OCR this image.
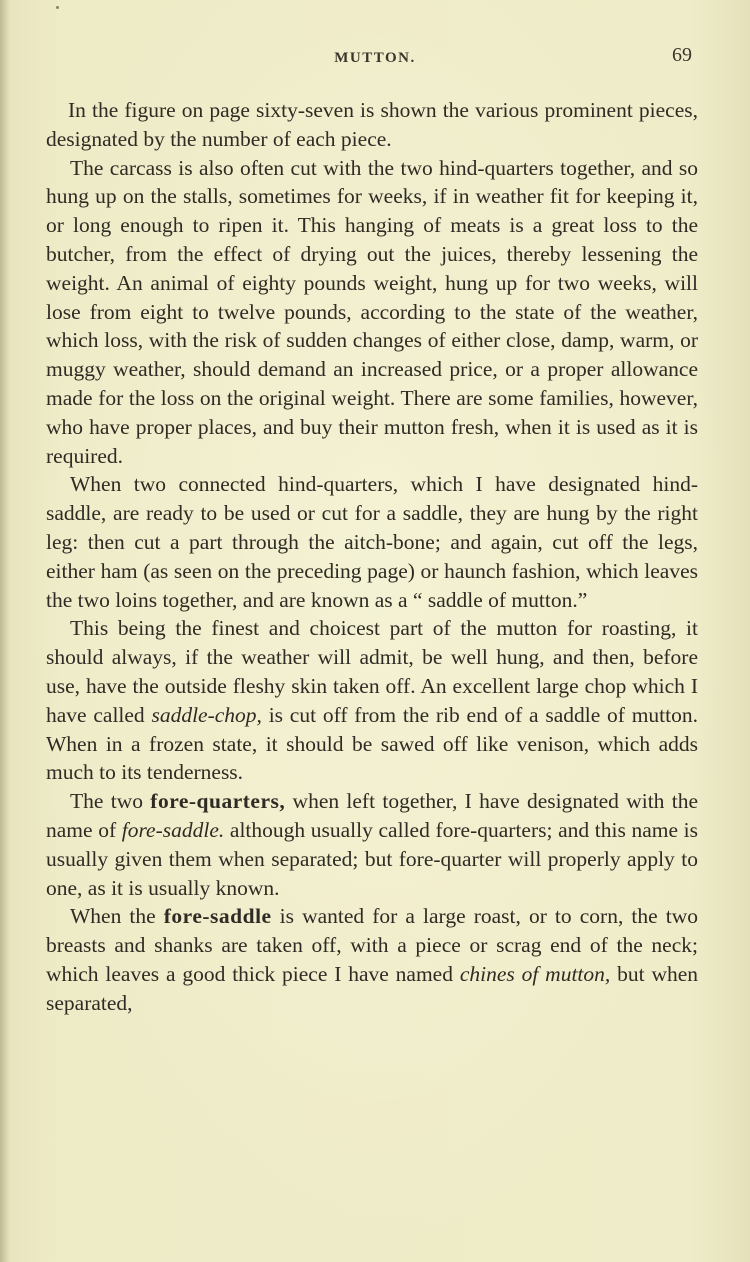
MUTTON.	69

In the figure on page sixty-seven is shown the various prominent pieces, designated by the number of each piece.

The carcass is also often cut with the two hind-quarters together, and so hung up on the stalls, sometimes for weeks, if in weather fit for keeping it, or long enough to ripen it. This hanging of meats is a great loss to the butcher, from the effect of drying out the juices, thereby lessening the weight. An animal of eighty pounds weight, hung up for two weeks, will lose from eight to twelve pounds, according to the state of the weather, which loss, with the risk of sudden changes of either close, damp, warm, or muggy weather, should demand an increased price, or a proper allowance made for the loss on the original weight. There are some families, however, who have proper places, and buy their mutton fresh, when it is used as it is required.

When two connected hind-quarters, which I have designated hind-saddle, are ready to be used or cut for a saddle, they are hung by the right leg: then cut a part through the aitch-bone; and again, cut off the legs, either ham (as seen on the preceding page) or haunch fashion, which leaves the two loins together, and are known as a “ saddle of mutton.”

This being the finest and choicest part of the mutton for roasting, it should always, if the weather will admit, be well hung, and then, before use, have the outside fleshy skin taken off. An excellent large chop which I have called saddle-chop, is cut off from the rib end of a saddle of mutton. When in a frozen state, it should be sawed off like venison, which adds much to its tenderness.

The two fore-quarters, when left together, I have designated with the name of fore-saddle. although usually called fore-quarters; and this name is usually given them when separated; but fore-quarter will properly apply to one, as it is usually known.

When the fore-saddle is wanted for a large roast, or to corn, the two breasts and shanks are taken off, with a piece or scrag end of the neck; which leaves a good thick piece I have named chines of mutton, but when separated,
